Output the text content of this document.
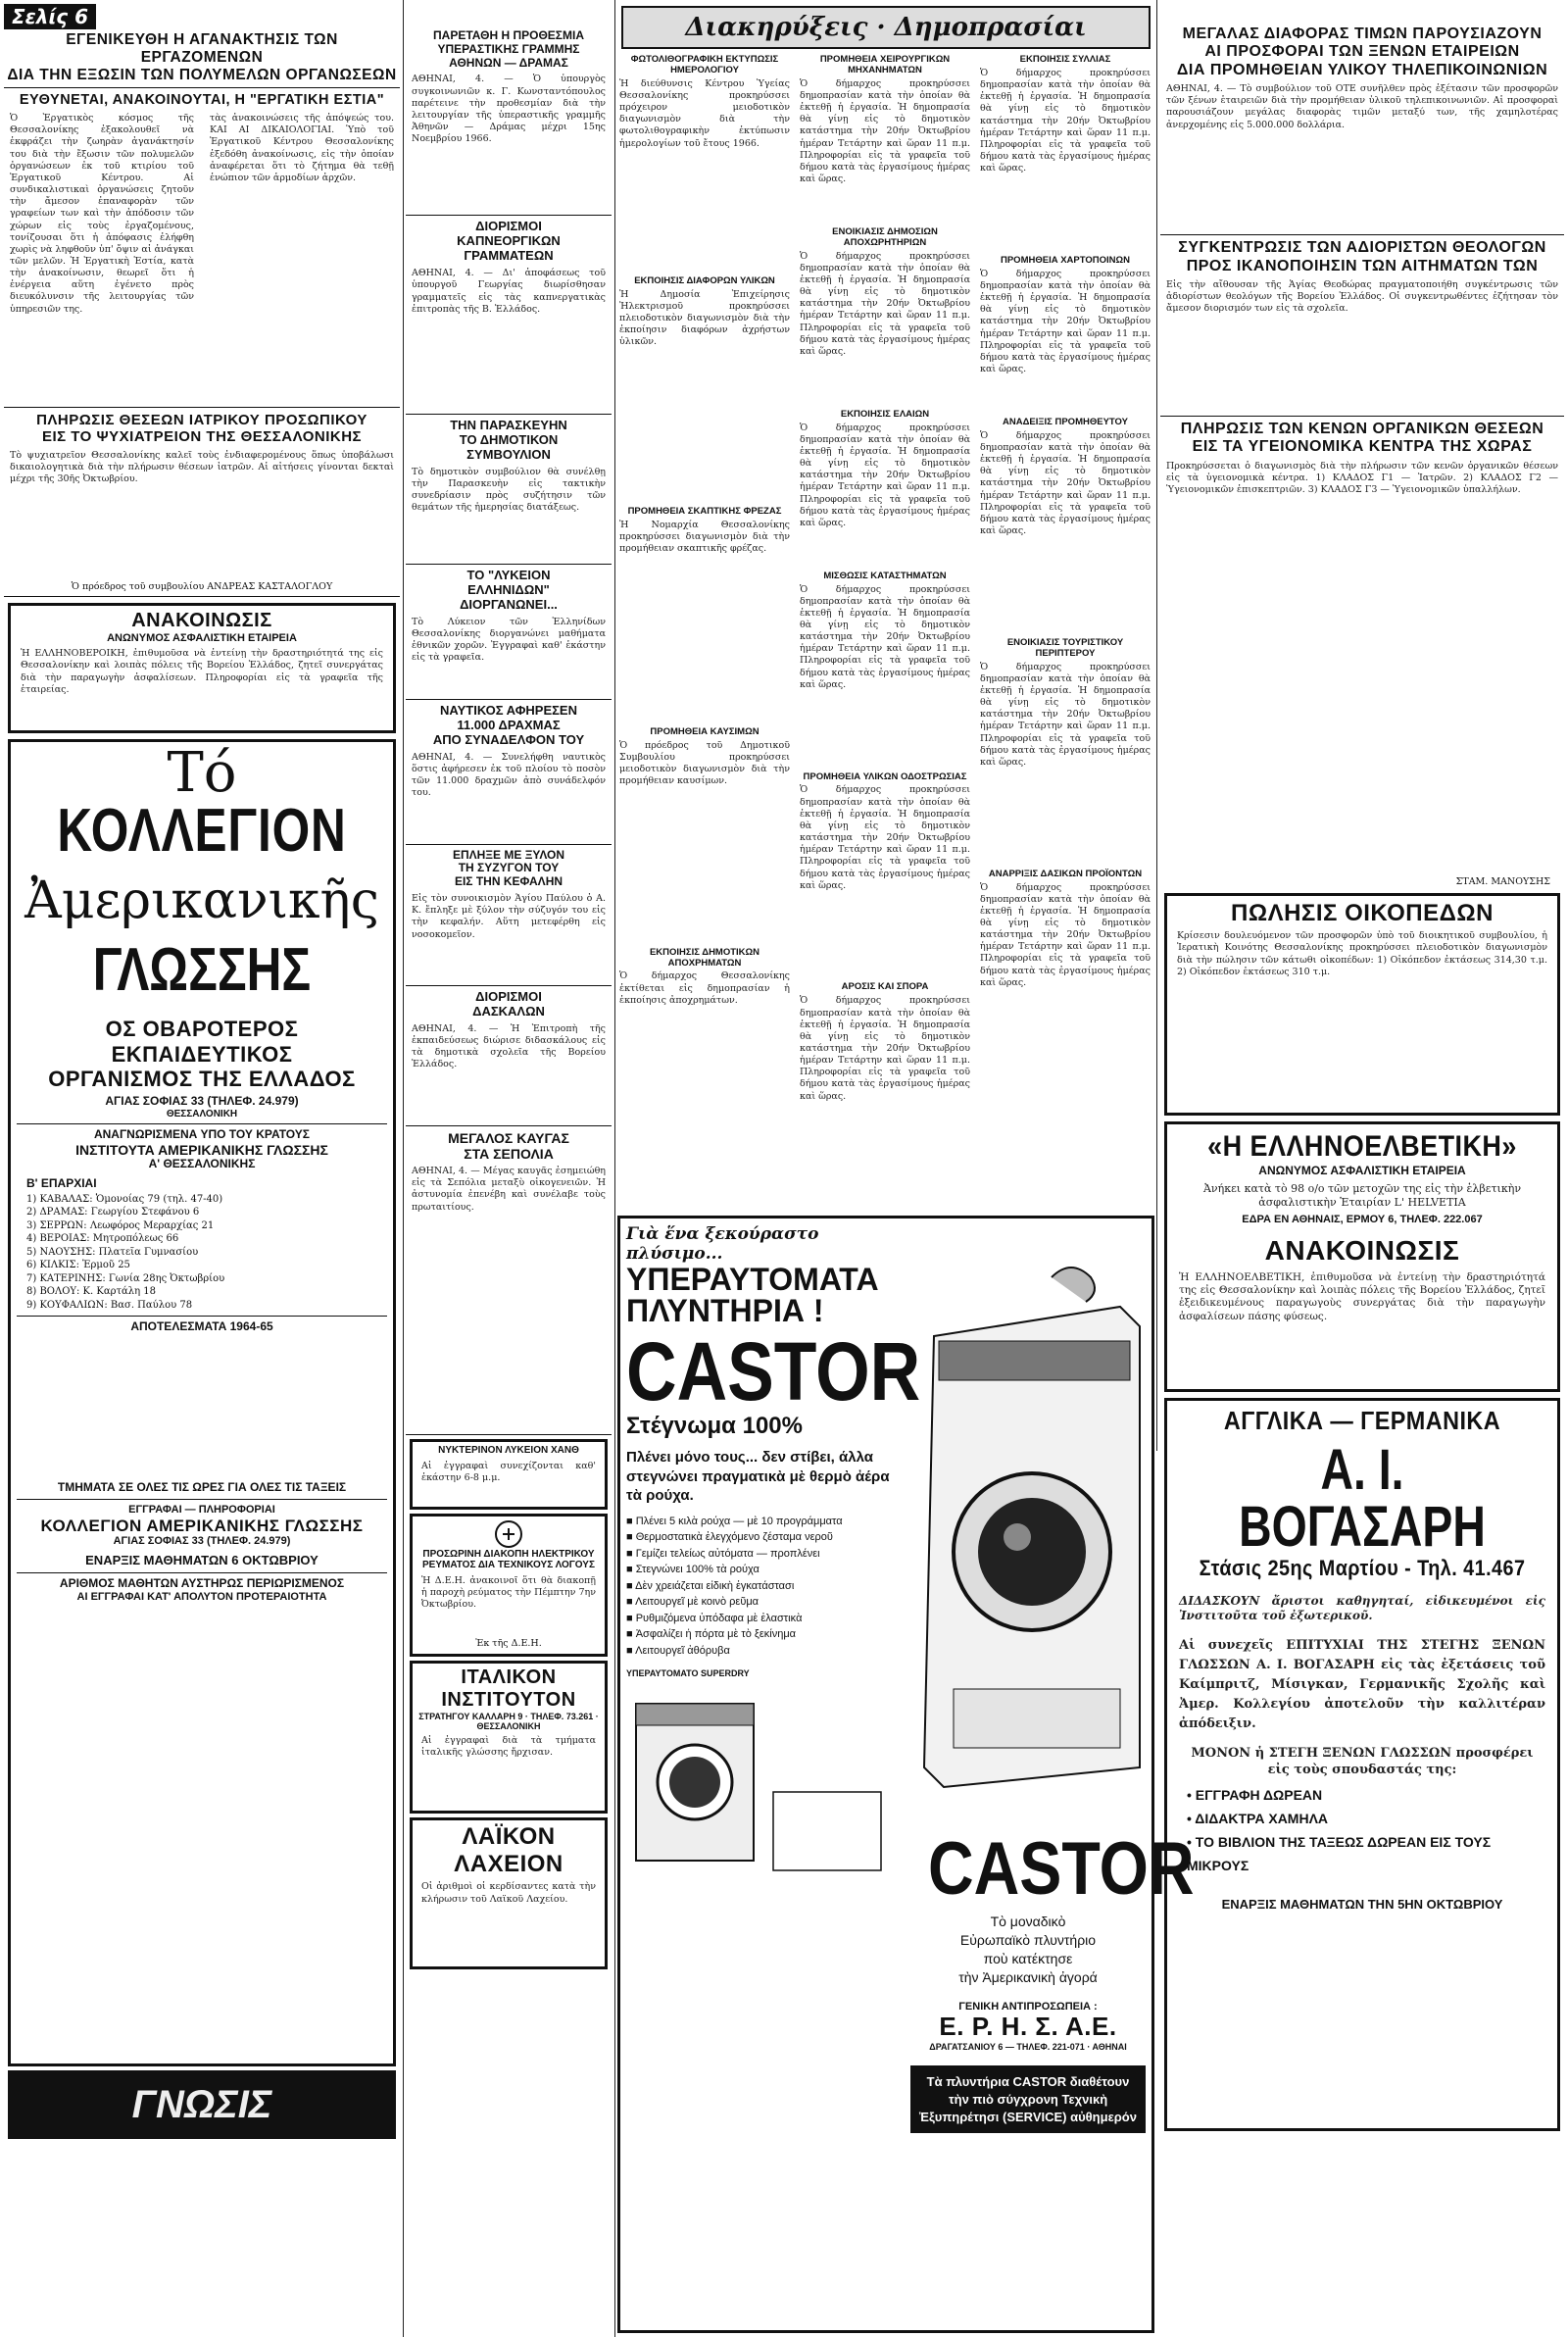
Σελίς 6
ΕΓΕΝΙΚΕΥΘΗ Η ΑΓΑΝΑΚΤΗΣΙΣ ΤΩΝ ΕΡΓΑΖΟΜΕΝΩΝ
ΔΙΑ ΤΗΝ ΕΞΩΣΙΝ ΤΩΝ ΠΟΛΥΜΕΛΩΝ ΟΡΓΑΝΩΣΕΩΝ
ΕΥΘΥΝΕΤΑΙ, ΑΝΑΚΟΙΝΟΥΤΑΙ, Η "ΕΡΓΑΤΙΚΗ ΕΣΤΙΑ"

Ὁ Ἐργατικὸς κόσμος τῆς Θεσσαλονίκης ἐξακολουθεῖ νὰ ἐκφράζει τὴν ζωηρὰν ἀγανάκτησίν του διὰ τὴν ἔξωσιν τῶν πολυμελῶν ὀργανώσεων ἐκ τοῦ κτιρίου τοῦ Ἐργατικοῦ Κέντρου. Αἱ συνδικαλιστικαὶ ὀργανώσεις ζητοῦν τὴν ἄμεσον ἐπαναφορὰν τῶν γραφείων των καὶ τὴν ἀπόδοσιν τῶν χώρων εἰς τοὺς ἐργαζομένους, τονίζουσαι ὅτι ἡ ἀπόφασις ἐλήφθη χωρὶς νὰ ληφθοῦν ὑπ' ὄψιν αἱ ἀνάγκαι τῶν μελῶν. Ἡ Ἐργατικὴ Ἑστία, κατὰ τὴν ἀνακοίνωσιν, θεωρεῖ ὅτι ἡ ἐνέργεια αὕτη ἐγένετο πρὸς διευκόλυνσιν τῆς λειτουργίας τῶν ὑπηρεσιῶν της.

τὰς ἀνακοινώσεις τῆς ἀπόψεώς του. ΚΑΙ ΑΙ ΔΙΚΑΙΟΛΟΓΙΑΙ. Ὑπὸ τοῦ Ἐργατικοῦ Κέντρου Θεσσαλονίκης ἐξεδόθη ἀνακοίνωσις, εἰς τὴν ὁποίαν ἀναφέρεται ὅτι τὸ ζήτημα θὰ τεθῇ ἐνώπιον τῶν ἁρμοδίων ἀρχῶν.

ΠΛΗΡΩΣΙΣ ΘΕΣΕΩΝ ΙΑΤΡΙΚΟΥ ΠΡΟΣΩΠΙΚΟΥ
ΕΙΣ ΤΟ ΨΥΧΙΑΤΡΕΙΟΝ ΤΗΣ ΘΕΣΣΑΛΟΝΙΚΗΣ

Τὸ ψυχιατρεῖον Θεσσαλονίκης καλεῖ τοὺς ἐνδιαφερομένους ὅπως ὑποβάλωσι δικαιολογητικὰ διὰ τὴν πλήρωσιν θέσεων ἰατρῶν. Αἱ αἰτήσεις γίνονται δεκταὶ μέχρι τῆς 30ῆς Ὀκτωβρίου.

Ὁ πρόεδρος τοῦ συμβουλίου ΑΝΔΡΕΑΣ ΚΑΣΤΑΛΟΓΛΟΥ
ΑΝΑΚΟΙΝΩΣΙΣ
ΑΝΩΝΥΜΟΣ ΑΣΦΑΛΙΣΤΙΚΗ ΕΤΑΙΡΕΙΑ

Ἡ ΕΛΛΗΝΟΒΕΡΟΙΚΗ, ἐπιθυμοῦσα νὰ ἐντείνῃ τὴν δραστηριότητά της εἰς Θεσσαλονίκην καὶ λοιπὰς πόλεις τῆς Βορείου Ἑλλάδος, ζητεῖ συνεργάτας διὰ τὴν παραγωγὴν ἀσφαλίσεων. Πληροφορίαι εἰς τὰ γραφεῖα τῆς ἑταιρείας.

Τό
ΚΟΛΛΕΓΙΟΝ
Ἀμερικανικῆς
ΓΛΩΣΣΗΣ
ΟΣ ΟΒΑΡΟΤΕΡΟΣ ΕΚΠΑΙΔΕΥΤΙΚΟΣ
ΟΡΓΑΝΙΣΜΟΣ ΤΗΣ ΕΛΛΑΔΟΣ
ΑΓΙΑΣ ΣΟΦΙΑΣ 33 (ΤΗΛΕΦ. 24.979)
ΘΕΣΣΑΛΟΝΙΚΗ
ΑΝΑΓΝΩΡΙΣΜΕΝΑ ΥΠΟ ΤΟΥ ΚΡΑΤΟΥΣ
ΙΝΣΤΙΤΟΥΤΑ ΑΜΕΡΙΚΑΝΙΚΗΣ ΓΛΩΣΣΗΣ
Α' ΘΕΣΣΑΛΟΝΙΚΗΣ
Β' ΕΠΑΡΧΙΑΙ
1) ΚΑΒΑΛΑΣ: Ὁμονοίας 79 (τηλ. 47-40)
2) ΔΡΑΜΑΣ: Γεωργίου Στεφάνου 6
3) ΣΕΡΡΩΝ: Λεωφόρος Μεραρχίας 21
4) ΒΕΡΟΙΑΣ: Μητροπόλεως 66
5) ΝΑΟΥΣΗΣ: Πλατεῖα Γυμνασίου
6) ΚΙΛΚΙΣ: Ἑρμοῦ 25
7) ΚΑΤΕΡΙΝΗΣ: Γωνία 28ης Ὀκτωβρίου
8) ΒΟΛΟΥ: Κ. Καρτάλη 18
9) ΚΟΥΦΑΛΙΩΝ: Βασ. Παύλου 78
ΑΠΟΤΕΛΕΣΜΑΤΑ 1964-65
ΤΜΗΜΑΤΑ ΣΕ ΟΛΕΣ ΤΙΣ ΩΡΕΣ ΓΙΑ ΟΛΕΣ ΤΙΣ ΤΑΞΕΙΣ
ΕΓΓΡΑΦΑΙ — ΠΛΗΡΟΦΟΡΙΑΙ
ΚΟΛΛΕΓΙΟΝ ΑΜΕΡΙΚΑΝΙΚΗΣ ΓΛΩΣΣΗΣ
ΑΓΙΑΣ ΣΟΦΙΑΣ 33 (ΤΗΛΕΦ. 24.979)
ΕΝΑΡΞΙΣ ΜΑΘΗΜΑΤΩΝ 6 ΟΚΤΩΒΡΙΟΥ
ΑΡΙΘΜΟΣ ΜΑΘΗΤΩΝ ΑΥΣΤΗΡΩΣ ΠΕΡΙΩΡΙΣΜΕΝΟΣ
ΑΙ ΕΓΓΡΑΦΑΙ ΚΑΤ' ΑΠΟΛΥΤΟΝ ΠΡΟΤΕΡΑΙΟΤΗΤΑ
ΓΝΩΣΙΣ
ΠΑΡΕΤΑΘΗ Η ΠΡΟΘΕΣΜΙΑ
ΥΠΕΡΑΣΤΙΚΗΣ ΓΡΑΜΜΗΣ
ΑΘΗΝΩΝ — ΔΡΑΜΑΣ

ΑΘΗΝΑΙ, 4. — Ὁ ὑπουργὸς συγκοινωνιῶν κ. Γ. Κωνσταντόπουλος παρέτεινε τὴν προθεσμίαν διὰ τὴν λειτουργίαν τῆς ὑπεραστικῆς γραμμῆς Ἀθηνῶν — Δράμας μέχρι 15ης Νοεμβρίου 1966.

ΔΙΟΡΙΣΜΟΙ
ΚΑΠΝΕΟΡΓΙΚΩΝ
ΓΡΑΜΜΑΤΕΩΝ

ΑΘΗΝΑΙ, 4. — Δι' ἀποφάσεως τοῦ ὑπουργοῦ Γεωργίας διωρίσθησαν γραμματεῖς εἰς τὰς καπνεργατικὰς ἐπιτροπὰς τῆς Β. Ἑλλάδος.

ΤΗΝ ΠΑΡΑΣΚΕΥΗΝ
ΤΟ ΔΗΜΟΤΙΚΟΝ
ΣΥΜΒΟΥΛΙΟΝ

Τὸ δημοτικὸν συμβούλιον θὰ συνέλθῃ τὴν Παρασκευὴν εἰς τακτικὴν συνεδρίασιν πρὸς συζήτησιν τῶν θεμάτων τῆς ἡμερησίας διατάξεως.

ΤΟ "ΛΥΚΕΙΟΝ
ΕΛΛΗΝΙΔΩΝ"
ΔΙΟΡΓΑΝΩΝΕΙ...

Τὸ Λύκειον τῶν Ἑλληνίδων Θεσσαλονίκης διοργανώνει μαθήματα ἐθνικῶν χορῶν. Ἐγγραφαὶ καθ' ἑκάστην εἰς τὰ γραφεῖα.

ΝΑΥΤΙΚΟΣ ΑΦΗΡΕΣΕΝ
11.000 ΔΡΑΧΜΑΣ
ΑΠΟ ΣΥΝΑΔΕΛΦΟΝ ΤΟΥ

ΑΘΗΝΑΙ, 4. — Συνελήφθη ναυτικὸς ὅστις ἀφήρεσεν ἐκ τοῦ πλοίου τὸ ποσὸν τῶν 11.000 δραχμῶν ἀπὸ συνάδελφόν του.

ΕΠΛΗΞΕ ΜΕ ΞΥΛΟΝ
ΤΗ ΣΥΖΥΓΟΝ ΤΟΥ
ΕΙΣ ΤΗΝ ΚΕΦΑΛΗΝ

Εἰς τὸν συνοικισμὸν Ἁγίου Παύλου ὁ Α. Κ. ἔπληξε μὲ ξύλον τὴν σύζυγόν του εἰς τὴν κεφαλήν. Αὕτη μετεφέρθη εἰς νοσοκομεῖον.

ΔΙΟΡΙΣΜΟΙ
ΔΑΣΚΑΛΩΝ

ΑΘΗΝΑΙ, 4. — Ἡ Ἐπιτροπὴ τῆς ἐκπαιδεύσεως διώρισε διδασκάλους εἰς τὰ δημοτικὰ σχολεῖα τῆς Βορείου Ἑλλάδος.

ΜΕΓΑΛΟΣ ΚΑΥΓΑΣ
ΣΤΑ ΣΕΠΟΛΙΑ

ΑΘΗΝΑΙ, 4. — Μέγας καυγᾶς ἐσημειώθη εἰς τὰ Σεπόλια μεταξὺ οἰκογενειῶν. Ἡ ἀστυνομία ἐπενέβη καὶ συνέλαβε τοὺς πρωταιτίους.

ΝΥΚΤΕΡΙΝΟΝ ΛΥΚΕΙΟΝ ΧΑΝΘ

Αἱ ἐγγραφαὶ συνεχίζονται καθ' ἑκάστην 6-8 μ.μ.

ΠΡΟΣΩΡΙΝΗ ΔΙΑΚΟΠΗ ΗΛΕΚΤΡΙΚΟΥ ΡΕΥΜΑΤΟΣ ΔΙΑ ΤΕΧΝΙΚΟΥΣ ΛΟΓΟΥΣ

Ἡ Δ.Ε.Η. ἀνακοινοῖ ὅτι θὰ διακοπῇ ἡ παροχὴ ρεύματος τὴν Πέμπτην 7ην Ὀκτωβρίου.

Ἐκ τῆς Δ.Ε.Η.
ΙΤΑΛΙΚΟΝ
ΙΝΣΤΙΤΟΥΤΟΝ
ΣΤΡΑΤΗΓΟΥ ΚΑΛΛΑΡΗ 9 · ΤΗΛΕΦ. 73.261 · ΘΕΣΣΑΛΟΝΙΚΗ

Αἱ ἐγγραφαὶ διὰ τὰ τμήματα ἰταλικῆς γλώσσης ἤρχισαν.

ΛΑΪΚΟΝ
ΛΑΧΕΙΟΝ

Οἱ ἀριθμοὶ οἱ κερδίσαντες κατὰ τὴν κλήρωσιν τοῦ Λαϊκοῦ Λαχείου.

Διακηρύξεις · Δημοπρασίαι
ΦΩΤΟΛΙΘΟΓΡΑΦΙΚΗ ΕΚΤΥΠΩΣΙΣ ΗΜΕΡΟΛΟΓΙΟΥ

Ἡ διεύθυνσις Κέντρου Ὑγείας Θεσσαλονίκης προκηρύσσει πρόχειρον μειοδοτικὸν διαγωνισμὸν διὰ τὴν φωτολιθογραφικὴν ἐκτύπωσιν ἡμερολογίων τοῦ ἔτους 1966.

ΕΚΠΟΙΗΣΙΣ ΔΙΑΦΟΡΩΝ ΥΛΙΚΩΝ

Ἡ Δημοσία Ἐπιχείρησις Ἠλεκτρισμοῦ προκηρύσσει πλειοδοτικὸν διαγωνισμὸν διὰ τὴν ἐκποίησιν διαφόρων ἀχρήστων ὑλικῶν.

ΠΡΟΜΗΘΕΙΑ ΣΚΑΠΤΙΚΗΣ ΦΡΕΖΑΣ

Ἡ Νομαρχία Θεσσαλονίκης προκηρύσσει διαγωνισμὸν διὰ τὴν προμήθειαν σκαπτικῆς φρέζας.

ΠΡΟΜΗΘΕΙΑ ΚΑΥΣΙΜΩΝ

Ὁ πρόεδρος τοῦ Δημοτικοῦ Συμβουλίου προκηρύσσει μειοδοτικὸν διαγωνισμὸν διὰ τὴν προμήθειαν καυσίμων.

ΕΚΠΟΙΗΣΙΣ ΔΗΜΟΤΙΚΩΝ ΑΠΟΧΡΗΜΑΤΩΝ

Ὁ δήμαρχος Θεσσαλονίκης ἐκτίθεται εἰς δημοπρασίαν ἡ ἐκποίησις ἀποχρημάτων.

ΠΡΟΜΗΘΕΙΑ ΧΕΙΡΟΥΡΓΙΚΩΝ ΜΗΧΑΝΗΜΑΤΩΝ

Ὁ δήμαρχος προκηρύσσει δημοπρασίαν κατὰ τὴν ὁποίαν θὰ ἐκτεθῇ ἡ ἐργασία. Ἡ δημοπρασία θὰ γίνῃ εἰς τὸ δημοτικὸν κατάστημα τὴν 20ήν Ὀκτωβρίου ἡμέραν Τετάρτην καὶ ὥραν 11 π.μ. Πληροφορίαι εἰς τὰ γραφεῖα τοῦ δήμου κατὰ τὰς ἐργασίμους ἡμέρας καὶ ὥρας.

ΕΝΟΙΚΙΑΣΙΣ ΔΗΜΟΣΙΩΝ ΑΠΟΧΩΡΗΤΗΡΙΩΝ

Ὁ δήμαρχος προκηρύσσει δημοπρασίαν κατὰ τὴν ὁποίαν θὰ ἐκτεθῇ ἡ ἐργασία. Ἡ δημοπρασία θὰ γίνῃ εἰς τὸ δημοτικὸν κατάστημα τὴν 20ήν Ὀκτωβρίου ἡμέραν Τετάρτην καὶ ὥραν 11 π.μ. Πληροφορίαι εἰς τὰ γραφεῖα τοῦ δήμου κατὰ τὰς ἐργασίμους ἡμέρας καὶ ὥρας.

ΕΚΠΟΙΗΣΙΣ ΕΛΑΙΩΝ

Ὁ δήμαρχος προκηρύσσει δημοπρασίαν κατὰ τὴν ὁποίαν θὰ ἐκτεθῇ ἡ ἐργασία. Ἡ δημοπρασία θὰ γίνῃ εἰς τὸ δημοτικὸν κατάστημα τὴν 20ήν Ὀκτωβρίου ἡμέραν Τετάρτην καὶ ὥραν 11 π.μ. Πληροφορίαι εἰς τὰ γραφεῖα τοῦ δήμου κατὰ τὰς ἐργασίμους ἡμέρας καὶ ὥρας.

ΜΙΣΘΩΣΙΣ ΚΑΤΑΣΤΗΜΑΤΩΝ

Ὁ δήμαρχος προκηρύσσει δημοπρασίαν κατὰ τὴν ὁποίαν θὰ ἐκτεθῇ ἡ ἐργασία. Ἡ δημοπρασία θὰ γίνῃ εἰς τὸ δημοτικὸν κατάστημα τὴν 20ήν Ὀκτωβρίου ἡμέραν Τετάρτην καὶ ὥραν 11 π.μ. Πληροφορίαι εἰς τὰ γραφεῖα τοῦ δήμου κατὰ τὰς ἐργασίμους ἡμέρας καὶ ὥρας.

ΠΡΟΜΗΘΕΙΑ ΥΛΙΚΩΝ ΟΔΟΣΤΡΩΣΙΑΣ

Ὁ δήμαρχος προκηρύσσει δημοπρασίαν κατὰ τὴν ὁποίαν θὰ ἐκτεθῇ ἡ ἐργασία. Ἡ δημοπρασία θὰ γίνῃ εἰς τὸ δημοτικὸν κατάστημα τὴν 20ήν Ὀκτωβρίου ἡμέραν Τετάρτην καὶ ὥραν 11 π.μ. Πληροφορίαι εἰς τὰ γραφεῖα τοῦ δήμου κατὰ τὰς ἐργασίμους ἡμέρας καὶ ὥρας.

ΑΡΟΣΙΣ ΚΑΙ ΣΠΟΡΑ

Ὁ δήμαρχος προκηρύσσει δημοπρασίαν κατὰ τὴν ὁποίαν θὰ ἐκτεθῇ ἡ ἐργασία. Ἡ δημοπρασία θὰ γίνῃ εἰς τὸ δημοτικὸν κατάστημα τὴν 20ήν Ὀκτωβρίου ἡμέραν Τετάρτην καὶ ὥραν 11 π.μ. Πληροφορίαι εἰς τὰ γραφεῖα τοῦ δήμου κατὰ τὰς ἐργασίμους ἡμέρας καὶ ὥρας.

ΕΚΠΟΙΗΣΙΣ ΣΥΛΛΙΑΣ

Ὁ δήμαρχος προκηρύσσει δημοπρασίαν κατὰ τὴν ὁποίαν θὰ ἐκτεθῇ ἡ ἐργασία. Ἡ δημοπρασία θὰ γίνῃ εἰς τὸ δημοτικὸν κατάστημα τὴν 20ήν Ὀκτωβρίου ἡμέραν Τετάρτην καὶ ὥραν 11 π.μ. Πληροφορίαι εἰς τὰ γραφεῖα τοῦ δήμου κατὰ τὰς ἐργασίμους ἡμέρας καὶ ὥρας.

ΠΡΟΜΗΘΕΙΑ ΧΑΡΤΟΠΟΙΝΩΝ

Ὁ δήμαρχος προκηρύσσει δημοπρασίαν κατὰ τὴν ὁποίαν θὰ ἐκτεθῇ ἡ ἐργασία. Ἡ δημοπρασία θὰ γίνῃ εἰς τὸ δημοτικὸν κατάστημα τὴν 20ήν Ὀκτωβρίου ἡμέραν Τετάρτην καὶ ὥραν 11 π.μ. Πληροφορίαι εἰς τὰ γραφεῖα τοῦ δήμου κατὰ τὰς ἐργασίμους ἡμέρας καὶ ὥρας.

ΑΝΑΔΕΙΞΙΣ ΠΡΟΜΗΘΕΥΤΟΥ

Ὁ δήμαρχος προκηρύσσει δημοπρασίαν κατὰ τὴν ὁποίαν θὰ ἐκτεθῇ ἡ ἐργασία. Ἡ δημοπρασία θὰ γίνῃ εἰς τὸ δημοτικὸν κατάστημα τὴν 20ήν Ὀκτωβρίου ἡμέραν Τετάρτην καὶ ὥραν 11 π.μ. Πληροφορίαι εἰς τὰ γραφεῖα τοῦ δήμου κατὰ τὰς ἐργασίμους ἡμέρας καὶ ὥρας.

ΕΝΟΙΚΙΑΣΙΣ ΤΟΥΡΙΣΤΙΚΟΥ ΠΕΡΙΠΤΕΡΟΥ

Ὁ δήμαρχος προκηρύσσει δημοπρασίαν κατὰ τὴν ὁποίαν θὰ ἐκτεθῇ ἡ ἐργασία. Ἡ δημοπρασία θὰ γίνῃ εἰς τὸ δημοτικὸν κατάστημα τὴν 20ήν Ὀκτωβρίου ἡμέραν Τετάρτην καὶ ὥραν 11 π.μ. Πληροφορίαι εἰς τὰ γραφεῖα τοῦ δήμου κατὰ τὰς ἐργασίμους ἡμέρας καὶ ὥρας.

ΑΝΑΡΡΙΞΙΣ ΔΑΣΙΚΩΝ ΠΡΟΪΟΝΤΩΝ

Ὁ δήμαρχος προκηρύσσει δημοπρασίαν κατὰ τὴν ὁποίαν θὰ ἐκτεθῇ ἡ ἐργασία. Ἡ δημοπρασία θὰ γίνῃ εἰς τὸ δημοτικὸν κατάστημα τὴν 20ήν Ὀκτωβρίου ἡμέραν Τετάρτην καὶ ὥραν 11 π.μ. Πληροφορίαι εἰς τὰ γραφεῖα τοῦ δήμου κατὰ τὰς ἐργασίμους ἡμέρας καὶ ὥρας.

Γιὰ ἕνα ξεκούραστο πλύσιμο...
ΥΠΕΡΑΥΤΟΜΑΤΑ
ΠΛΥΝΤΗΡΙΑ !
CASTOR
Στέγνωμα 100%

Πλένει μόνο τους... δεν στίβει, άλλα στεγνώνει πραγματικὰ μὲ θερμὸ ἀέρα τὰ ρούχα.

■ Πλένει 5 κιλὰ ρούχα — μὲ 10 προγράμματα
■ Θερμοστατικὰ ἐλεγχόμενο ζέσταμα νεροῦ
■ Γεμίζει τελείως αὐτόματα — προπλένει
■ Στεγνώνει 100% τὰ ρούχα
■ Δὲν χρειάζεται εἰδικὴ ἐγκατάστασι
■ Λειτουργεῖ μὲ κοινὸ ρεῦμα
■ Ρυθμιζόμενα ὑπόδαφα μὲ ἐλαστικὰ
■ Ἀσφαλίζει ἡ πόρτα μὲ τὸ ξεκίνημα
■ Λειτουργεῖ ἀθόρυβα
ΥΠΕΡΑΥΤΟΜΑΤΟ SUPERDRY
CASTOR
Τὸ μοναδικὸ
Εὐρωπαϊκὸ πλυντήριο
ποὺ κατέκτησε
τὴν Ἀμερικανικὴ ἀγορά
ΓΕΝΙΚΗ ΑΝΤΙΠΡΟΣΩΠΕΙΑ :
Ε. Ρ. Η. Σ. Α.Ε.
ΔΡΑΓΑΤΣΑΝΙΟΥ 6 — ΤΗΛΕΦ. 221-071 · ΑΘΗΝΑΙ
Τὰ πλυντήρια CASTOR διαθέτουν τὴν πιὸ σύγχρονη Τεχνικὴ Ἐξυπηρέτησι (SERVICE) αὐθημερόν
ΜΕΓΑΛΑΣ ΔΙΑΦΟΡΑΣ ΤΙΜΩΝ ΠΑΡΟΥΣΙΑΖΟΥΝ
ΑΙ ΠΡΟΣΦΟΡΑΙ ΤΩΝ ΞΕΝΩΝ ΕΤΑΙΡΕΙΩΝ
ΔΙΑ ΠΡΟΜΗΘΕΙΑΝ ΥΛΙΚΟΥ ΤΗΛΕΠΙΚΟΙΝΩΝΙΩΝ

ΑΘΗΝΑΙ, 4. — Τὸ συμβούλιον τοῦ ΟΤΕ συνῆλθεν πρὸς ἐξέτασιν τῶν προσφορῶν τῶν ξένων ἑταιρειῶν διὰ τὴν προμήθειαν ὑλικοῦ τηλεπικοινωνιῶν. Αἱ προσφοραὶ παρουσιάζουν μεγάλας διαφορὰς τιμῶν μεταξύ των, τῆς χαμηλοτέρας ἀνερχομένης εἰς 5.000.000 δολλάρια.

ΣΥΓΚΕΝΤΡΩΣΙΣ ΤΩΝ ΑΔΙΟΡΙΣΤΩΝ ΘΕΟΛΟΓΩΝ
ΠΡΟΣ ΙΚΑΝΟΠΟΙΗΣΙΝ ΤΩΝ ΑΙΤΗΜΑΤΩΝ ΤΩΝ

Εἰς τὴν αἴθουσαν τῆς Ἁγίας Θεοδώρας πραγματοποιήθη συγκέντρωσις τῶν ἀδιορίστων θεολόγων τῆς Βορείου Ἑλλάδος. Οἱ συγκεντρωθέντες ἐζήτησαν τὸν ἄμεσον διορισμόν των εἰς τὰ σχολεῖα.

ΠΛΗΡΩΣΙΣ ΤΩΝ ΚΕΝΩΝ ΟΡΓΑΝΙΚΩΝ ΘΕΣΕΩΝ
ΕΙΣ ΤΑ ΥΓΕΙΟΝΟΜΙΚΑ ΚΕΝΤΡΑ ΤΗΣ ΧΩΡΑΣ

Προκηρύσσεται ὁ διαγωνισμὸς διὰ τὴν πλήρωσιν τῶν κενῶν ὀργανικῶν θέσεων εἰς τὰ ὑγειονομικὰ κέντρα. 1) ΚΛΑΔΟΣ Γ1 — Ἰατρῶν. 2) ΚΛΑΔΟΣ Γ2 — Ὑγειονομικῶν ἐπισκεπτριῶν. 3) ΚΛΑΔΟΣ Γ3 — Ὑγειονομικῶν ὑπαλλήλων.

ΣΤΑΜ. ΜΑΝΟΥΣΗΣ
ΠΩΛΗΣΙΣ ΟΙΚΟΠΕΔΩΝ

Κρίσεσιν δουλευόμενον τῶν προσφορῶν ὑπὸ τοῦ διοικητικοῦ συμβουλίου, ἡ Ἱερατικὴ Κοινότης Θεσσαλονίκης προκηρύσσει πλειοδοτικὸν διαγωνισμὸν διὰ τὴν πώλησιν τῶν κάτωθι οἰκοπέδων: 1) Οἰκόπεδον ἐκτάσεως 314,30 τ.μ. 2) Οἰκόπεδον ἐκτάσεως 310 τ.μ.

«Η ΕΛΛΗΝΟΕΛΒΕΤΙΚΗ»
ΑΝΩΝΥΜΟΣ ΑΣΦΑΛΙΣΤΙΚΗ ΕΤΑΙΡΕΙΑ

Ἀνήκει κατὰ τὸ 98 ο/ο τῶν μετοχῶν της εἰς τὴν ἑλβετικὴν ἀσφαλιστικὴν Ἑταιρίαν L' HELVETIA

ΕΔΡΑ ΕΝ ΑΘΗΝΑΙΣ, ΕΡΜΟΥ 6, ΤΗΛΕΦ. 222.067
ΑΝΑΚΟΙΝΩΣΙΣ

Ἡ ΕΛΛΗΝΟΕΛΒΕΤΙΚΗ, ἐπιθυμοῦσα νὰ ἐντείνῃ τὴν δραστηριότητά της εἰς Θεσσαλονίκην καὶ λοιπὰς πόλεις τῆς Βορείου Ἑλλάδος, ζητεῖ ἐξειδικευμένους παραγωγοὺς συνεργάτας διὰ τὴν παραγωγὴν ἀσφαλίσεων πάσης φύσεως.

ΑΓΓΛΙΚΑ — ΓΕΡΜΑΝΙΚΑ
Α. Ι. ΒΟΓΑΣΑΡΗ
Στάσις 25ης Μαρτίου - Τηλ. 41.467

ΔΙΔΑΣΚΟΥΝ ἄριστοι καθηγηταί, εἰδικευμένοι εἰς Ἰνστιτοῦτα τοῦ ἐξωτερικοῦ.

Αἱ συνεχεῖς ΕΠΙΤΥΧΙΑΙ ΤΗΣ ΣΤΕΓΗΣ ΞΕΝΩΝ ΓΛΩΣΣΩΝ Α. Ι. ΒΟΓΑΣΑΡΗ εἰς τὰς ἐξετάσεις τοῦ Καίμπριτζ, Μίσιγκαν, Γερμανικῆς Σχολῆς καὶ Ἀμερ. Κολλεγίου ἀποτελοῦν τὴν καλλιτέραν ἀπόδειξιν.

ΜΟΝΟΝ ἡ ΣΤΕΓΗ ΞΕΝΩΝ ΓΛΩΣΣΩΝ προσφέρει εἰς τοὺς σπουδαστάς της:

• ΕΓΓΡΑΦΗ ΔΩΡΕΑΝ
• ΔΙΔΑΚΤΡΑ ΧΑΜΗΛΑ
• ΤΟ ΒΙΒΛΙΟΝ ΤΗΣ ΤΑΞΕΩΣ ΔΩΡΕΑΝ ΕΙΣ ΤΟΥΣ ΜΙΚΡΟΥΣ
ΕΝΑΡΞΙΣ ΜΑΘΗΜΑΤΩΝ ΤΗΝ 5ΗΝ ΟΚΤΩΒΡΙΟΥ
